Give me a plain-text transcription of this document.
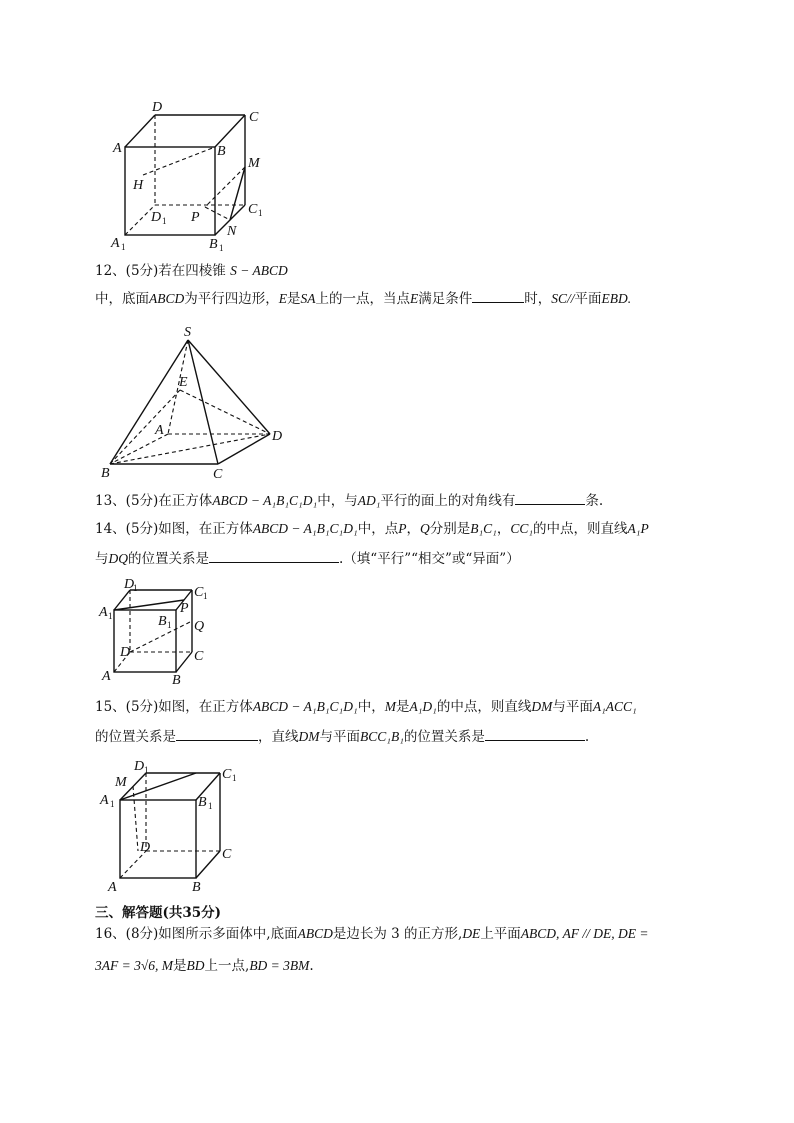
D
C
A	B
M
H
D 1 P
C 1
N
A 1	B 1
12、(5分)若在四棱锥 S − ABCD
中，底面ABCD为平行四边形，E是SA上的一点，当点E满足条件	时，SC//平面EBD.
S
E
A	D
B	C
13、(5分)在正方体ABCD − A₁B₁C₁D₁中，与AD₁平行的面上的对角线有	条.
14、(5分)如图，在正方体ABCD − A₁B₁C₁D₁中，点P，Q分别是B₁C₁，CC₁的中点，则直线A₁P
与DQ的位置关系是	.（填“平行”“相交”或“异面”）
D
1	C 1
A 1	P
B 1 Q
D	C
A	B
15、(5分)如图，在正方体ABCD − A₁B₁C₁D₁中，M是A₁D₁的中点，则直线DM与平面A₁ACC₁
的位置关系是	，直线DM与平面BCC₁B₁的位置关系是	.
D 1	C 1
M
A 1	B 1
D	C
A	B
三、解答题(共35分)
16、(8分)如图所示多面体中,底面ABCD是边长为 3 的正方形,DE上平面ABCD, AF // DE, DE =
3AF = 3√6, M是BD上一点,BD = 3BM.
